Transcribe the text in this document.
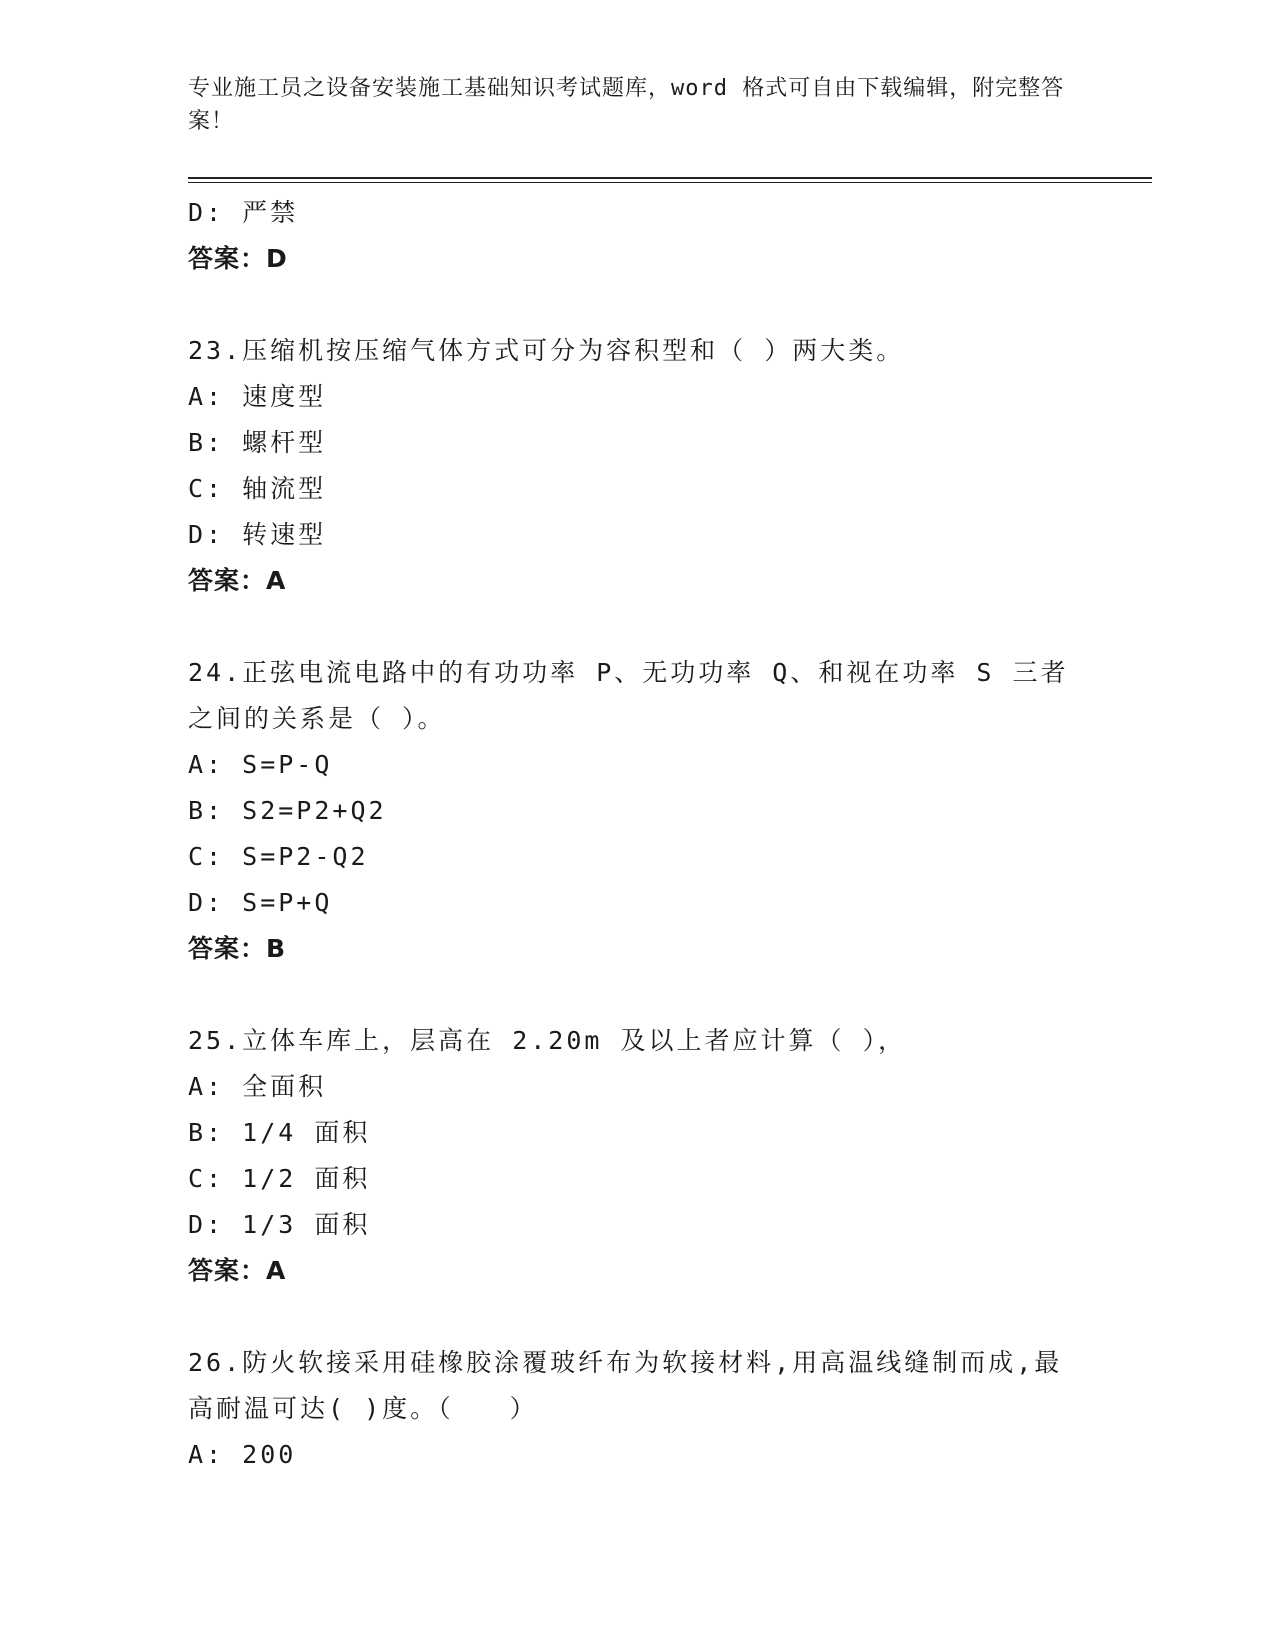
专业施工员之设备安装施工基础知识考试题库，word 格式可自由下载编辑，附完整答案！
D: 严禁
答案：D
23.压缩机按压缩气体方式可分为容积型和（ ）两大类。
A: 速度型
B: 螺杆型
C: 轴流型
D: 转速型
答案：A
24.正弦电流电路中的有功功率 P、无功功率 Q、和视在功率 S 三者之间的关系是（ ）。
A: S=P-Q
B: S2=P2+Q2
C: S=P2-Q2
D: S=P+Q
答案：B
25.立体车库上，层高在 2.20m 及以上者应计算（ ），
A: 全面积
B: 1/4 面积
C: 1/2 面积
D: 1/3 面积
答案：A
26.防火软接采用硅橡胶涂覆玻纤布为软接材料,用高温线缝制而成,最高耐温可达( )度。（　　）
A: 200
